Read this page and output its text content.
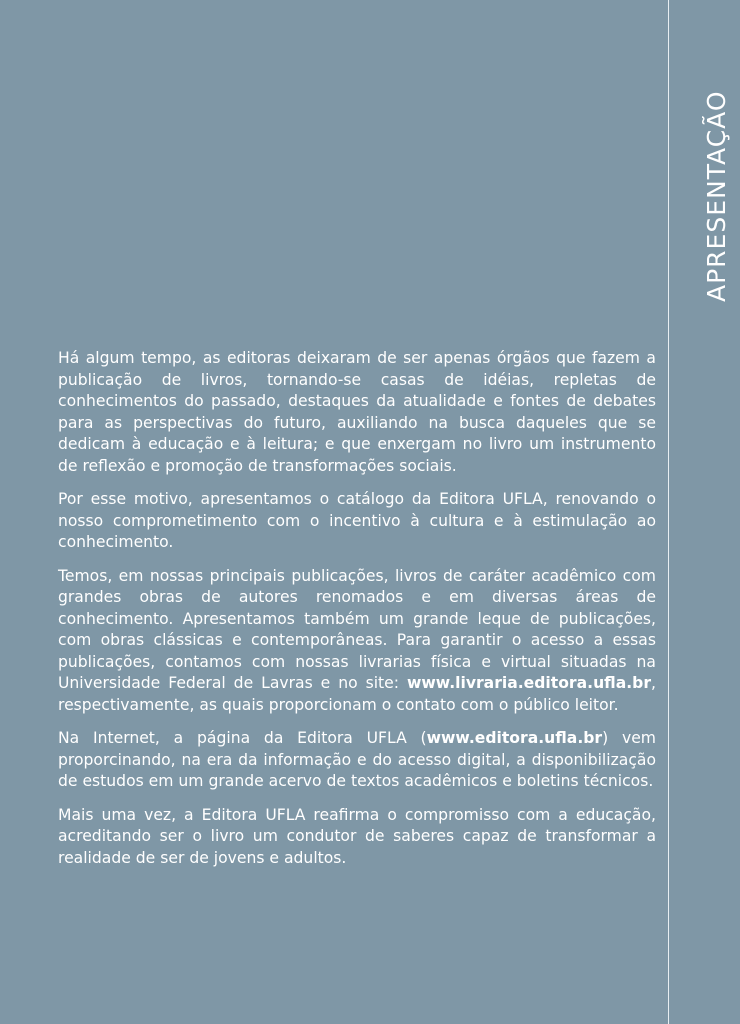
APRESENTAÇÃO

Há algum tempo, as editoras deixaram de ser apenas órgãos que fazem a publicação de livros, tornando-se casas de idéias, repletas de conhecimentos do passado, destaques da atualidade e fontes de debates para as perspectivas do futuro, auxiliando na busca daqueles que se dedicam à educação e à leitura; e que enxergam no livro um instrumento de reflexão e promoção de transformações sociais.

Por esse motivo, apresentamos o catálogo da Editora UFLA, renovando o nosso comprometimento com o incentivo à cultura e à estimulação ao conhecimento.

Temos, em nossas principais publicações, livros de caráter acadêmico com grandes obras de autores renomados e em diversas áreas de conhecimento. Apresentamos também um grande leque de publicações, com obras clássicas e contemporâneas. Para garantir o acesso a essas publicações, contamos com nossas livrarias física e virtual situadas na Universidade Federal de Lavras e no site: www.livraria.editora.ufla.br, respectivamente, as quais proporcionam o contato com o público leitor.

Na Internet, a página da Editora UFLA (www.editora.ufla.br) vem proporcinando, na era da informação e do acesso digital, a disponibilização de estudos em um grande acervo de textos acadêmicos e boletins técnicos.

Mais uma vez, a Editora UFLA reafirma o compromisso com a educação, acreditando ser o livro um condutor de saberes capaz de transformar a realidade de ser de jovens e adultos.
